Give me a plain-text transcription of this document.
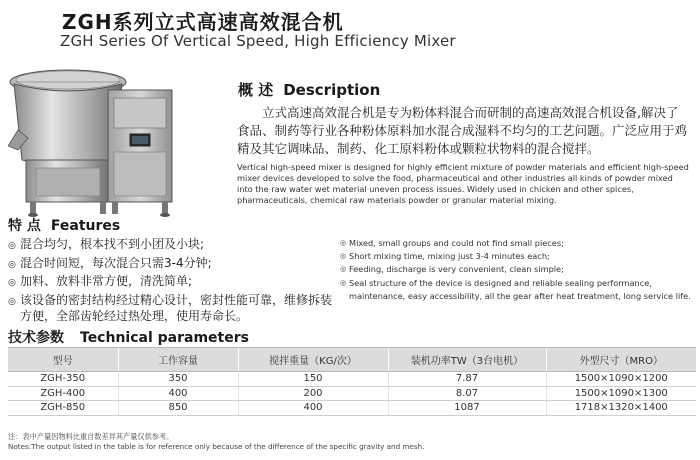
ZGH系列立式高速高效混合机
ZGH Series Of Vertical Speed, High Efficiency Mixer
概 述 Description
立式高速高效混合机是专为粉体料混合而研制的高速高效混合机设备,解决了食品、制药等行业各种粉体原料加水混合成湿料不均匀的工艺问题。广泛应用于鸡精及其它调味品、制药、化工原料粉体或颗粒状物料的混合搅拌。
Vertical high-speed mixer is designed for highly efficient mixture of powder materials and efficient high-speed mixer devices developed to solve the food, pharmaceutical and other industries all kinds of powder mixed into the raw water wet material uneven process issues. Widely used in chicken and other spices, pharmaceuticals, chemical raw materials powder or granular material mixing.
特 点 Features
◎ 混合均匀，根本找不到小团及小块;
◎ 混合时间短，每次混合只需3-4分钟;
◎ 加料、放料非常方便，清洗简单;
◎ 该设备的密封结构经过精心设计，密封性能可靠，维修拆装方便，全部齿轮经过热处理，使用寿命长。
◎ Mixed, small groups and could not find small pieces;
◎ Short mixing time, mixing just 3-4 minutes each;
◎ Feeding, discharge is very convenient, clean simple;
◎ Seal structure of the device is designed and reliable sealing performance, maintenance, easy accessibility, all the gear after heat treatment, long service life.
技术参数 Technical parameters
型号	工作容量	搅拌重量（KG/次）	装机功率TW（3台电机）	外型尺寸（MRO）
ZGH-350	350	150	7.87	1500×1090×1200
ZGH-400	400	200	8.07	1500×1090×1300
ZGH-850	850	400	1087	1718×1320×1400
注：表中产量因物料比重自数差异其产量仅供参考。
Notes:The output listed in the table is for reference only because of the difference of the specific gravity and mesh.
